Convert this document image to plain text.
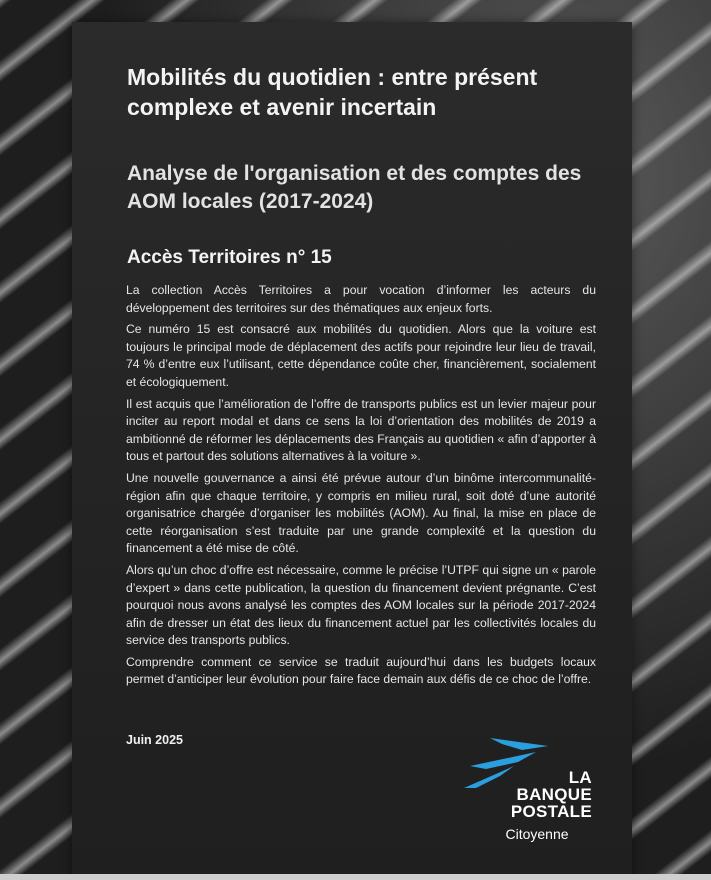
Mobilités du quotidien : entre présent complexe et avenir incertain
Analyse de l'organisation et des comptes des AOM locales (2017-2024)
Accès Territoires n° 15

La collection Accès Territoires a pour vocation d’informer les acteurs du développement des territoires sur des thématiques aux enjeux forts.

Ce numéro 15 est consacré aux mobilités du quotidien. Alors que la voiture est toujours le principal mode de déplacement des actifs pour rejoindre leur lieu de travail, 74 % d’entre eux l’utilisant, cette dépendance coûte cher, financièrement, socialement et écologiquement.

Il est acquis que l’amélioration de l’offre de transports publics est un levier majeur pour inciter au report modal et dans ce sens la loi d’orientation des mobilités de 2019 a ambitionné de réformer les déplacements des Français au quotidien « afin d’apporter à tous et partout des solutions alternatives à la voiture ».

Une nouvelle gouvernance a ainsi été prévue autour d’un binôme intercommunalité-région afin que chaque territoire, y compris en milieu rural, soit doté d’une autorité organisatrice chargée d’organiser les mobilités (AOM). Au final, la mise en place de cette réorganisation s’est traduite par une grande complexité et la question du financement a été mise de côté.

Alors qu’un choc d’offre est nécessaire, comme le précise l’UTPF qui signe un « parole d’expert » dans cette publication, la question du financement devient prégnante. C’est pourquoi nous avons analysé les comptes des AOM locales sur la période 2017-2024 afin de dresser un état des lieux du financement actuel par les collectivités locales du service des transports publics.

Comprendre comment ce service se traduit aujourd’hui dans les budgets locaux permet d’anticiper leur évolution pour faire face demain aux défis de ce choc de l’offre.

Juin 2025
LA
BANQUE
POSTALE
Citoyenne
